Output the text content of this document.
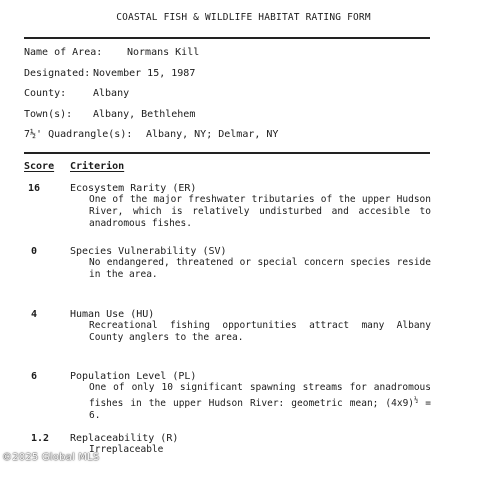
COASTAL FISH & WILDLIFE HABITAT RATING FORM
Name of Area: Normans Kill
Designated: November 15, 1987
County:	Albany
Town(s): Albany, Bethlehem
7½' Quadrangle(s): Albany, NY; Delmar, NY
Score Criterion
16	Ecosystem Rarity (ER)
One of the major freshwater tributaries of the upper Hudson River, which is relatively undisturbed and accesible to anadromous fishes.
0	Species Vulnerability (SV)
No endangered, threatened or special concern species reside in the area.
4	Human Use (HU)
Recreational fishing opportunities attract many Albany County anglers to the area.
6	Population Level (PL)
One of only 10 significant spawning streams for anadromous fishes in the upper Hudson River: geometric mean; $(4x9)^{\frac{1}{2}} = 6$.
1.2 Replaceability (R)
Irreplaceable
©2025 Global MLS
